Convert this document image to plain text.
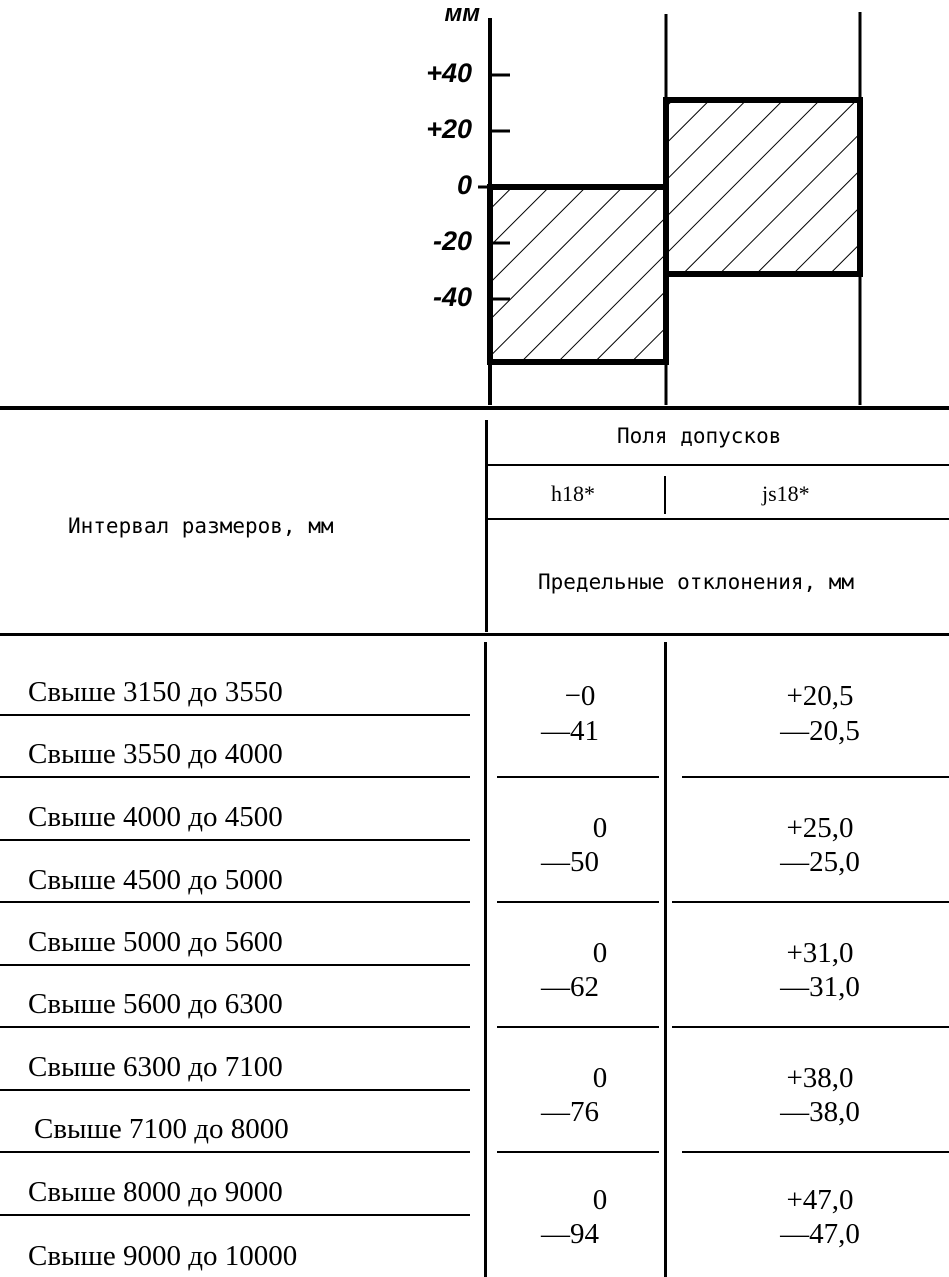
мм
+40
+20
0
-20
-40
Интервал размеров, мм
Поля допусков
h18*	js18*
Предельные отклонения, мм
Свыше 3150 до 3550
Свыше 3550 до 4000
−0
—41
+20,5
—20,5
Свыше 4000 до 4500
Свыше 4500 до 5000
0
—50
+25,0
—25,0
Свыше 5000 до 5600
Свыше 5600 до 6300
0
—62
+31,0
—31,0
Свыше 6300 до 7100
Свыше 7100 до 8000
0
—76
+38,0
—38,0
Свыше 8000 до 9000
Свыше 9000 до 10000
0
—94
+47,0
—47,0
